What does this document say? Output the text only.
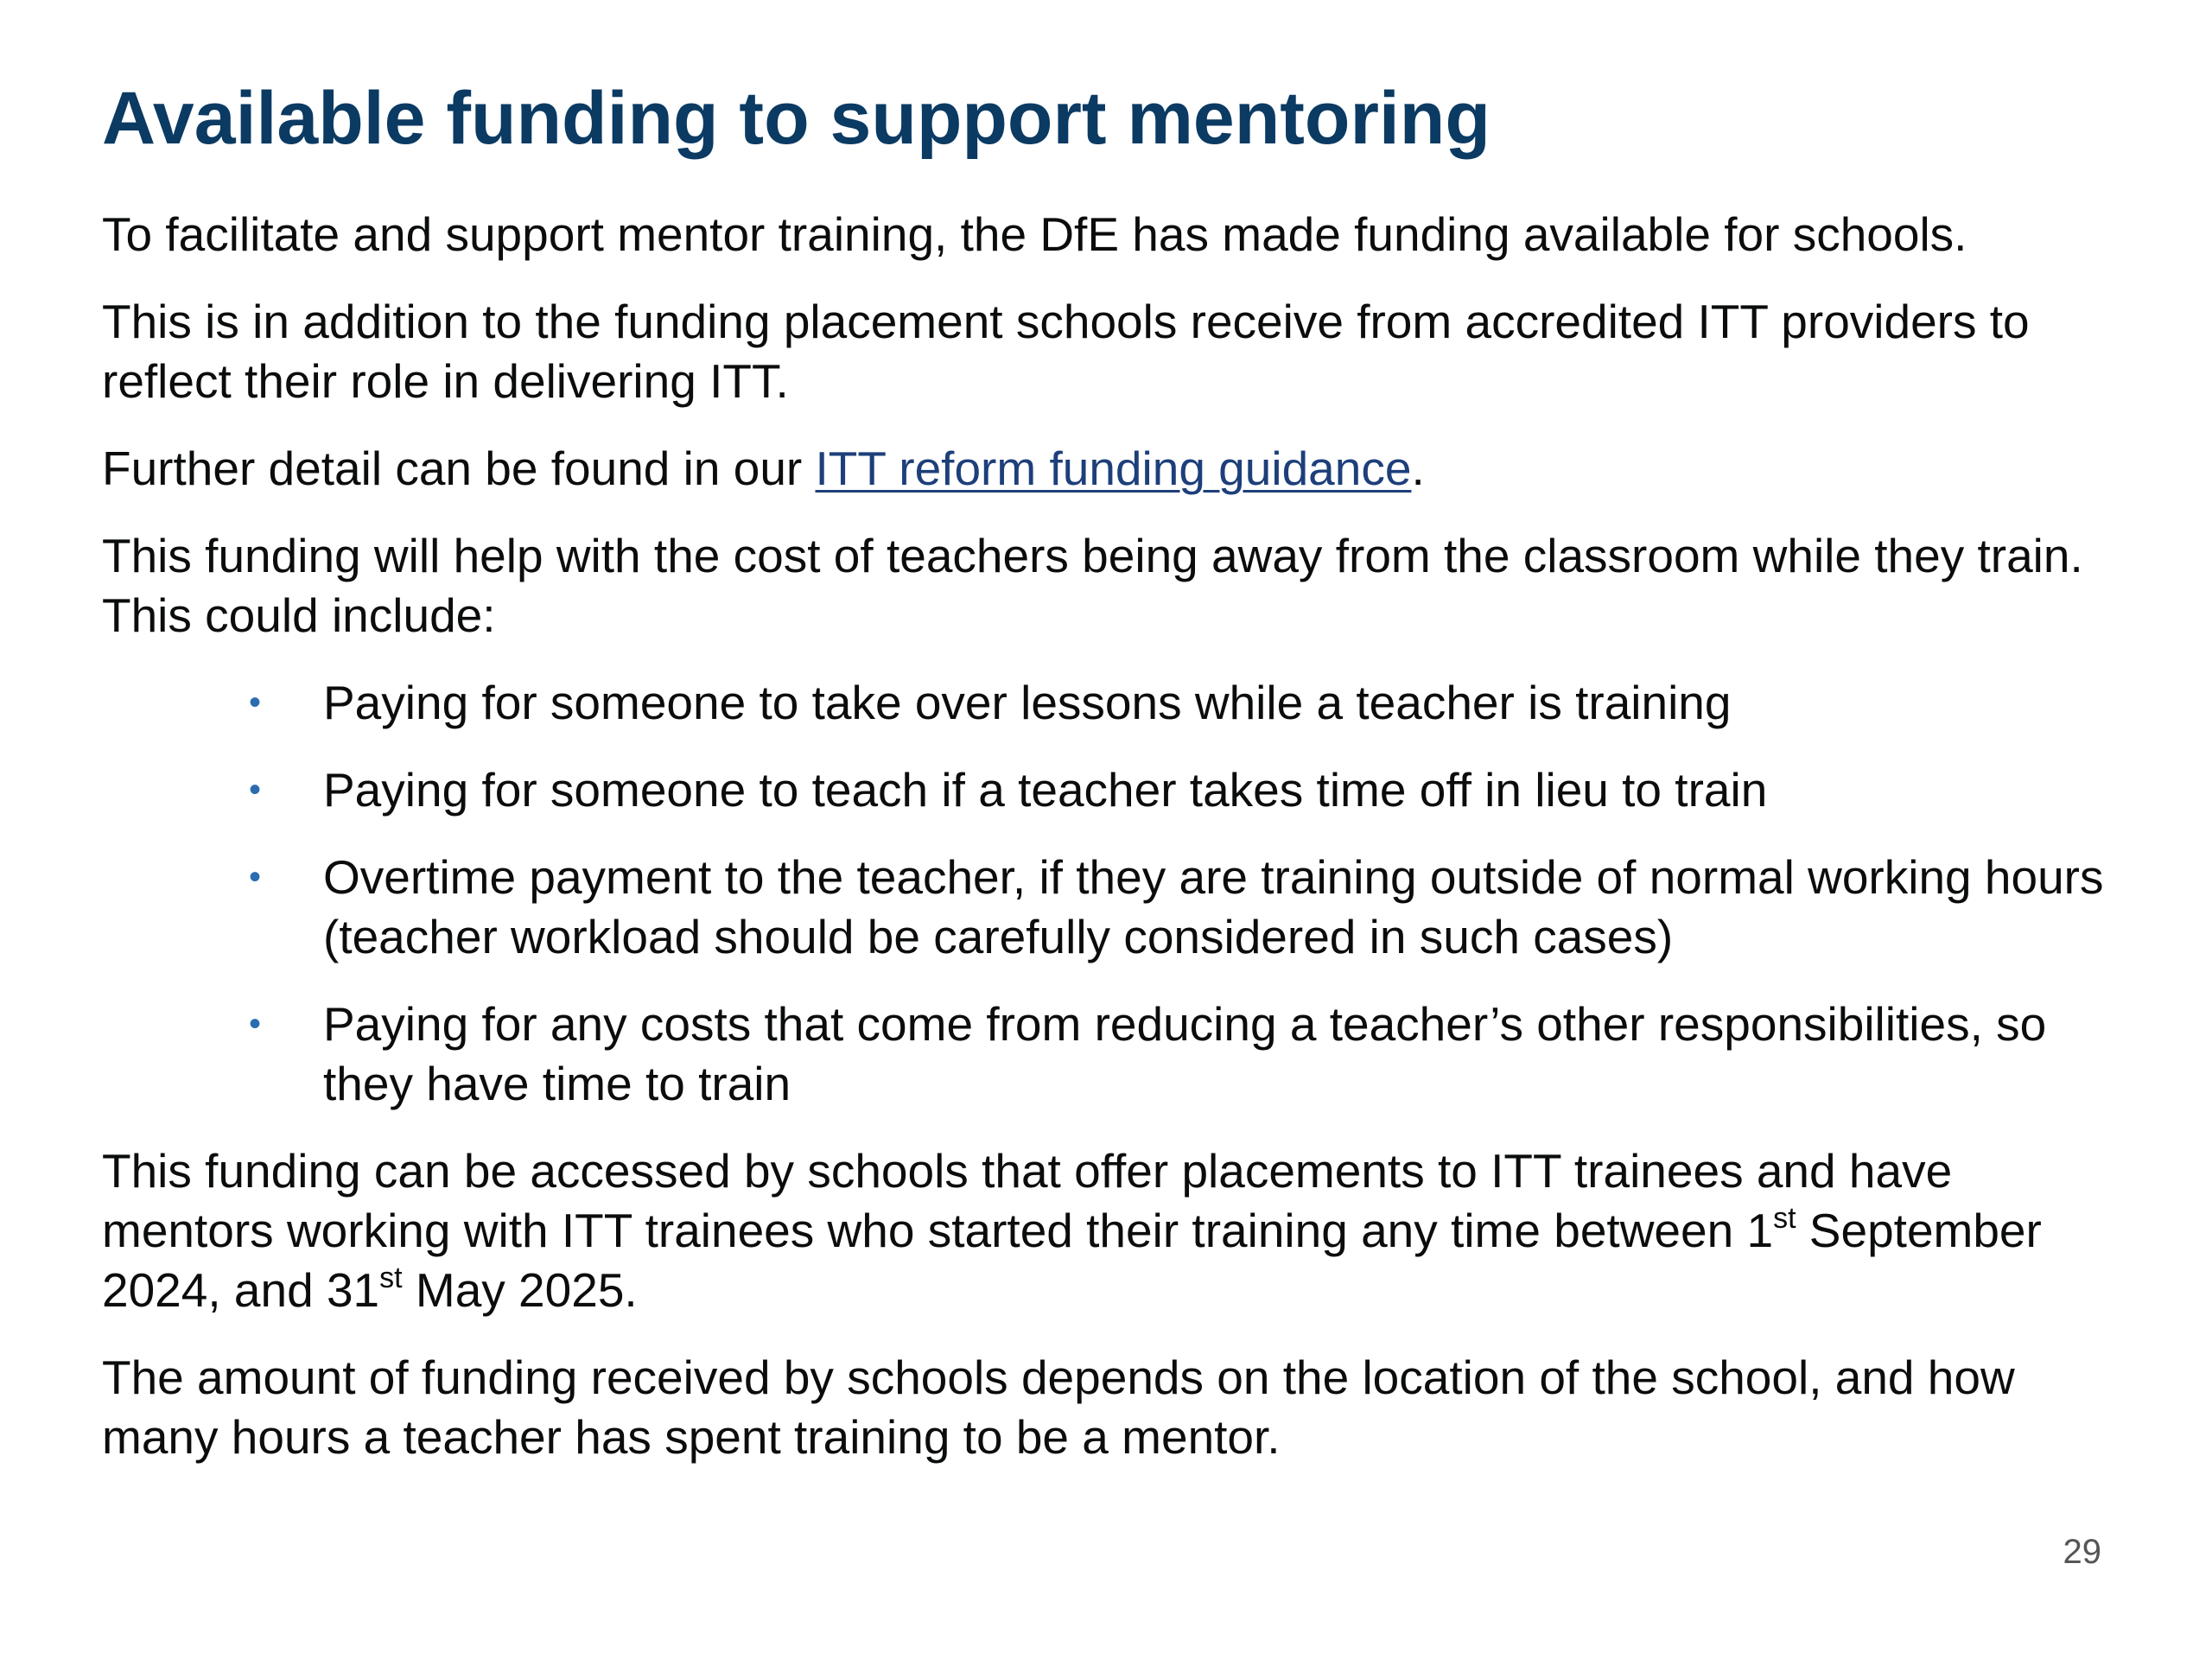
Available funding to support mentoring

To facilitate and support mentor training, the DfE has made funding available for schools.

This is in addition to the funding placement schools receive from accredited ITT providers to reflect their role in delivering ITT.

Further detail can be found in our ITT reform funding guidance.

This funding will help with the cost of teachers being away from the classroom while they train. This could include:

• Paying for someone to take over lessons while a teacher is training
• Paying for someone to teach if a teacher takes time off in lieu to train
• Overtime payment to the teacher, if they are training outside of normal working hours (teacher workload should be carefully considered in such cases)
• Paying for any costs that come from reducing a teacher’s other responsibilities, so they have time to train

This funding can be accessed by schools that offer placements to ITT trainees and have mentors working with ITT trainees who started their training any time between 1st September 2024, and 31st May 2025.

The amount of funding received by schools depends on the location of the school, and how many hours a teacher has spent training to be a mentor.

29
